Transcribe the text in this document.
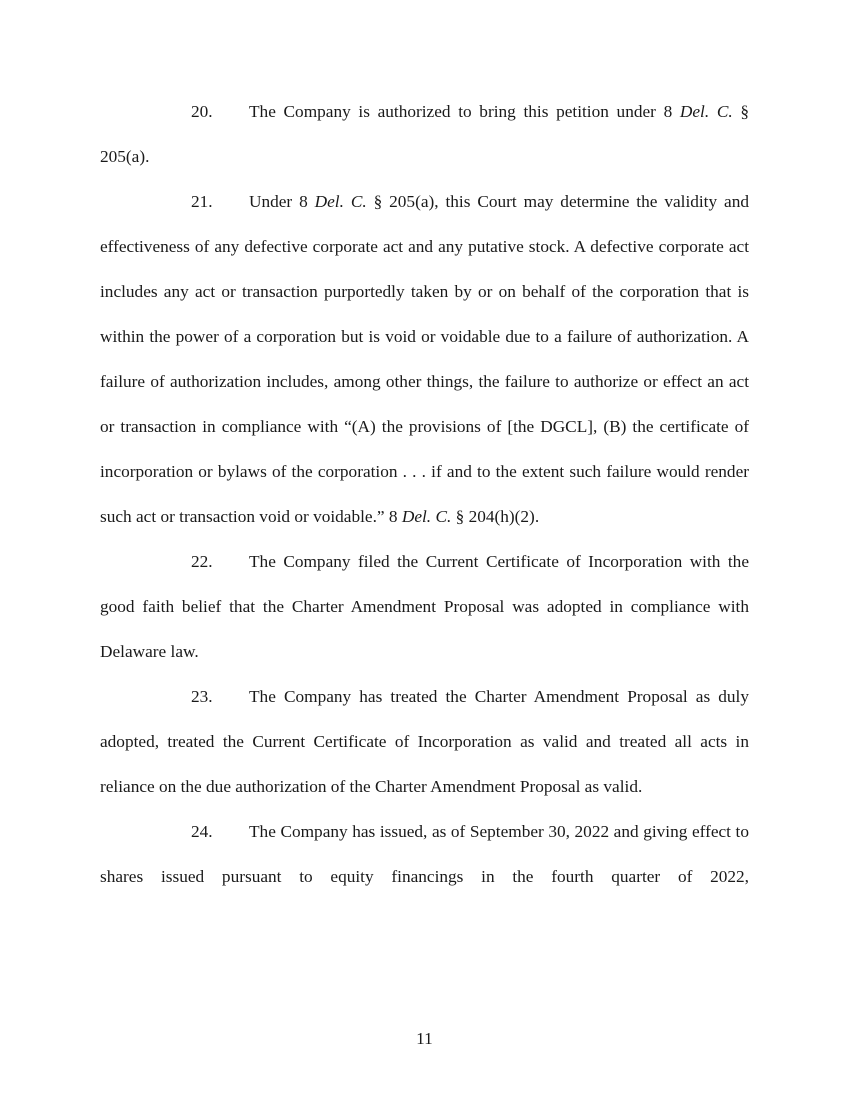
20. The Company is authorized to bring this petition under 8 Del. C. § 205(a).

21. Under 8 Del. C. § 205(a), this Court may determine the validity and effectiveness of any defective corporate act and any putative stock. A defective corporate act includes any act or transaction purportedly taken by or on behalf of the corporation that is within the power of a corporation but is void or voidable due to a failure of authorization. A failure of authorization includes, among other things, the failure to authorize or effect an act or transaction in compliance with “(A) the provisions of [the DGCL], (B) the certificate of incorporation or bylaws of the corporation . . . if and to the extent such failure would render such act or transaction void or voidable.” 8 Del. C. § 204(h)(2).

22. The Company filed the Current Certificate of Incorporation with the good faith belief that the Charter Amendment Proposal was adopted in compliance with Delaware law.

23. The Company has treated the Charter Amendment Proposal as duly adopted, treated the Current Certificate of Incorporation as valid and treated all acts in reliance on the due authorization of the Charter Amendment Proposal as valid.

24. The Company has issued, as of September 30, 2022 and giving effect to shares issued pursuant to equity financings in the fourth quarter of 2022,

11
